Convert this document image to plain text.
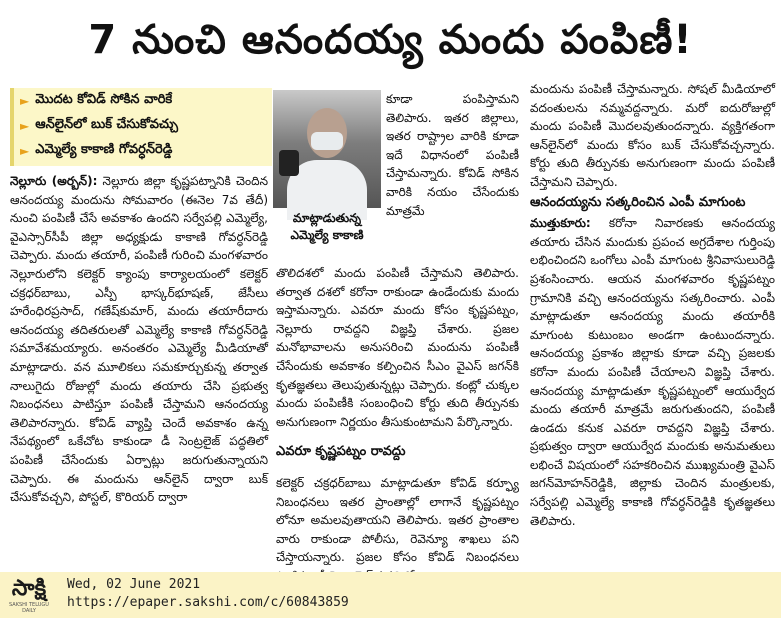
7 నుంచి ఆనందయ్య మందు పంపిణీ!
► మొదట కోవిడ్ సోకిన వారికే
► ఆన్‌లైన్‌లో బుక్ చేసుకోవచ్చు
► ఎమ్మెల్యే కాకాణి గోవర్ధన్‌రెడ్డి

నెల్లూరు (అర్బన్): నెల్లూరు జిల్లా కృష్ణపట్నానికి చెందిన ఆనందయ్య మందును సోమవారం (ఈనెల 7వ తేదీ) నుంచి పంపిణీ చేసే అవకాశం ఉందని సర్వేపల్లి ఎమ్మెల్యే, వైఎస్సార్‌సీపీ జిల్లా అధ్యక్షుడు కాకాణి గోవర్ధన్‌రెడ్డి చెప్పారు. మందు తయారీ, పంపిణీ గురించి మంగళవారం నెల్లూరులోని కలెక్టర్ క్యాంపు కార్యాలయంలో కలెక్టర్ చక్రధర్‌బాబు, ఎస్పీ భాస్కర్‌భూషణ్, జేసీలు హరేంధిరప్రసాద్, గణేష్‌కుమార్, మందు తయారీదారు ఆనందయ్య తదితరులతో ఎమ్మెల్యే కాకాణి గోవర్ధన్‌రెడ్డి సమావేశమయ్యారు. అనంతరం ఎమ్మెల్యే మీడియాతో మాట్లాడారు. వన మూలికలు సమకూర్చుకున్న తర్వాత నాలుగైదు రోజుల్లో మందు తయారు చేసి ప్రభుత్వ నిబంధనలు పాటిస్తూ పంపిణీ చేస్తామని ఆనందయ్య తెలిపారన్నారు. కోవిడ్ వ్యాప్తి చెందే అవకాశం ఉన్న నేపథ్యంలో ఒకేచోట కాకుండా డీ సెంట్రలైజ్ పద్ధతిలో పంపిణీ చేసేందుకు ఏర్పాట్లు జరుగుతున్నాయని చెప్పారు. ఈ మందును ఆన్‌లైన్ ద్వారా బుక్ చేసుకోవచ్చని, పోస్టల్, కొరియర్ ద్వారా

మాట్లాడుతున్న
ఎమ్మెల్యే కాకాణి
కూడా పంపిస్తామని తెలిపారు. ఇతర జిల్లాలు, ఇతర రాష్ట్రాల వారికి కూడా ఇదే విధానంలో పంపిణీ చేస్తామన్నారు. కోవిడ్ సోకిన వారికి నయం చేసేందుకు మాత్రమే

తొలిదశలో మందు పంపిణీ చేస్తామని తెలిపారు. తర్వాత దశలో కరోనా రాకుండా ఉండేందుకు మందు ఇస్తామన్నారు. ఎవరూ మందు కోసం కృష్ణపట్నం, నెల్లూరు రావద్దని విజ్ఞప్తి చేశారు. ప్రజల మనోభావాలను అనుసరించి మందును పంపిణీ చేసేందుకు అవకాశం కల్పించిన సీఎం వైఎస్ జగన్‌కి కృతజ్ఞతలు తెలుపుతున్నట్లు చెప్పారు. కంట్లో చుక్కల మందు పంపిణీకి సంబంధించి కోర్టు తుది తీర్పునకు అనుగుణంగా నిర్ణయం తీసుకుంటామని పేర్కొన్నారు.

ఎవరూ కృష్ణపట్నం రావద్దు

కలెక్టర్ చక్రధర్‌బాబు మాట్లాడుతూ కోవిడ్ కర్ఫ్యూ నిబంధనలు ఇతర ప్రాంతాల్లో లాగానే కృష్ణపట్నం లోనూ అమలవుతాయని తెలిపారు. ఇతర ప్రాంతాల వారు రాకుండా పోలీసు, రెవెన్యూ శాఖలు పని చేస్తాయన్నారు. ప్రజల కోసం కోవిడ్ నిబంధనలు

మందును పంపిణీ చేస్తామన్నారు. సోషల్ మీడియాలో వదంతులను నమ్మవద్దన్నారు. మరో ఐదురోజుల్లో మందు పంపిణీ మొదలవుతుందన్నారు. వ్యక్తిగతంగా ఆన్‌లైన్‌లో మందు కోసం బుక్ చేసుకోవచ్చన్నారు. కోర్టు తుది తీర్పునకు అనుగుణంగా మందు పంపిణీ చేస్తామని చెప్పారు.

ఆనందయ్యను సత్కరించిన ఎంపీ మాగుంట

ముత్తుకూరు: కరోనా నివారణకు ఆనందయ్య తయారు చేసిన మందుకు ప్రపంచ అగ్రదేశాల గుర్తింపు లభించిందని ఒంగోలు ఎంపీ మాగుంట శ్రీనివాసులురెడ్డి ప్రశంసించారు. ఆయన మంగళవారం కృష్ణపట్నం గ్రామానికి వచ్చి ఆనందయ్యను సత్కరించారు. ఎంపీ మాట్లాడుతూ ఆనందయ్య మందు తయారీకి మాగుంట కుటుంబం అండగా ఉంటుందన్నారు. ఆనందయ్య ప్రకాశం జిల్లాకు కూడా వచ్చి ప్రజలకు కరోనా మందు పంపిణీ చేయాలని విజ్ఞప్తి చేశారు. ఆనందయ్య మాట్లాడుతూ కృష్ణపట్నంలో ఆయుర్వేద మందు తయారీ మాత్రమే జరుగుతుందని, పంపిణీ ఉండదు కనుక ఎవరూ రావద్దని విజ్ఞప్తి చేశారు. ప్రభుత్వం ద్వారా ఆయుర్వేద మందుకు అనుమతులు లభించే విషయంలో సహకరించిన ముఖ్యమంత్రి వైఎస్ జగన్‌మోహన్‌రెడ్డికి, జిల్లాకు చెందిన మంత్రులకు, సర్వేపల్లి ఎమ్మెల్యే కాకాణి గోవర్ధన్‌రెడ్డికి కృతజ్ఞతలు తెలిపారు.

సాక్షి
SAKSHI TELUGU DAILY
Wed, 02 June 2021
https://epaper.sakshi.com/c/60843859
